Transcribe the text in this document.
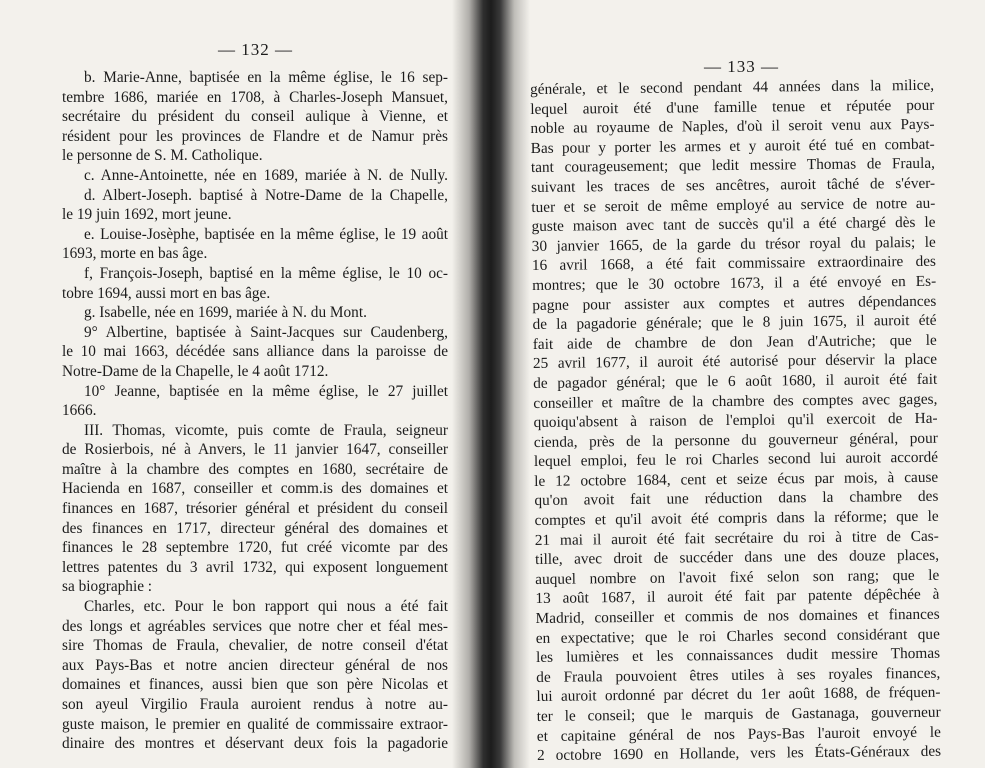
— 132 —
b. Marie-Anne, baptisée en la même église, le 16 sep-
tembre 1686, mariée en 1708, à Charles-Joseph Mansuet,
secrétaire du président du conseil aulique à Vienne, et
résident pour les provinces de Flandre et de Namur près
le personne de S. M. Catholique.
c. Anne-Antoinette, née en 1689, mariée à N. de Nully.
d. Albert-Joseph. baptisé à Notre-Dame de la Chapelle,
le 19 juin 1692, mort jeune.
e. Louise-Josèphe, baptisée en la même église, le 19 août
1693, morte en bas âge.
f, François-Joseph, baptisé en la même église, le 10 oc-
tobre 1694, aussi mort en bas âge.
g. Isabelle, née en 1699, mariée à N. du Mont.
9° Albertine, baptisée à Saint-Jacques sur Caudenberg,
le 10 mai 1663, décédée sans alliance dans la paroisse de
Notre-Dame de la Chapelle, le 4 août 1712.
10° Jeanne, baptisée en la même église, le 27 juillet
1666.
III. Thomas, vicomte, puis comte de Fraula, seigneur
de Rosierbois, né à Anvers, le 11 janvier 1647, conseiller
maître à la chambre des comptes en 1680, secrétaire de
Hacienda en 1687, conseiller et comm.is des domaines et
finances en 1687, trésorier général et président du conseil
des finances en 1717, directeur général des domaines et
finances le 28 septembre 1720, fut créé vicomte par des
lettres patentes du 3 avril 1732, qui exposent longuement
sa biographie :
Charles, etc. Pour le bon rapport qui nous a été fait
des longs et agréables services que notre cher et féal mes-
sire Thomas de Fraula, chevalier, de notre conseil d'état
aux Pays-Bas et notre ancien directeur général de nos
domaines et finances, aussi bien que son père Nicolas et
son ayeul Virgilio Fraula auroient rendus à notre au-
guste maison, le premier en qualité de commissaire extraor-
dinaire des montres et déservant deux fois la pagadorie
— 133 —
générale, et le second pendant 44 années dans la milice,
lequel auroit été d'une famille tenue et réputée pour
noble au royaume de Naples, d'où il seroit venu aux Pays-
Bas pour y porter les armes et y auroit été tué en combat-
tant courageusement; que ledit messire Thomas de Fraula,
suivant les traces de ses ancêtres, auroit tâché de s'éver-
tuer et se seroit de même employé au service de notre au-
guste maison avec tant de succès qu'il a été chargé dès le
30 janvier 1665, de la garde du trésor royal du palais; le
16 avril 1668, a été fait commissaire extraordinaire des
montres; que le 30 octobre 1673, il a été envoyé en Es-
pagne pour assister aux comptes et autres dépendances
de la pagadorie générale; que le 8 juin 1675, il auroit été
fait aide de chambre de don Jean d'Autriche; que le
25 avril 1677, il auroit été autorisé pour déservir la place
de pagador général; que le 6 août 1680, il auroit été fait
conseiller et maître de la chambre des comptes avec gages,
quoiqu'absent à raison de l'emploi qu'il exercoit de Ha-
cienda, près de la personne du gouverneur général, pour
lequel emploi, feu le roi Charles second lui auroit accordé
le 12 octobre 1684, cent et seize écus par mois, à cause
qu'on avoit fait une réduction dans la chambre des
comptes et qu'il avoit été compris dans la réforme; que le
21 mai il auroit été fait secrétaire du roi à titre de Cas-
tille, avec droit de succéder dans une des douze places,
auquel nombre on l'avoit fixé selon son rang; que le
13 août 1687, il auroit été fait par patente dépêchée à
Madrid, conseiller et commis de nos domaines et finances
en expectative; que le roi Charles second considérant que
les lumières et les connaissances dudit messire Thomas
de Fraula pouvoient êtres utiles à ses royales finances,
lui auroit ordonné par décret du 1er août 1688, de fréquen-
ter le conseil; que le marquis de Gastanaga, gouverneur
et capitaine général de nos Pays-Bas l'auroit envoyé le
2 octobre 1690 en Hollande, vers les États-Généraux des
